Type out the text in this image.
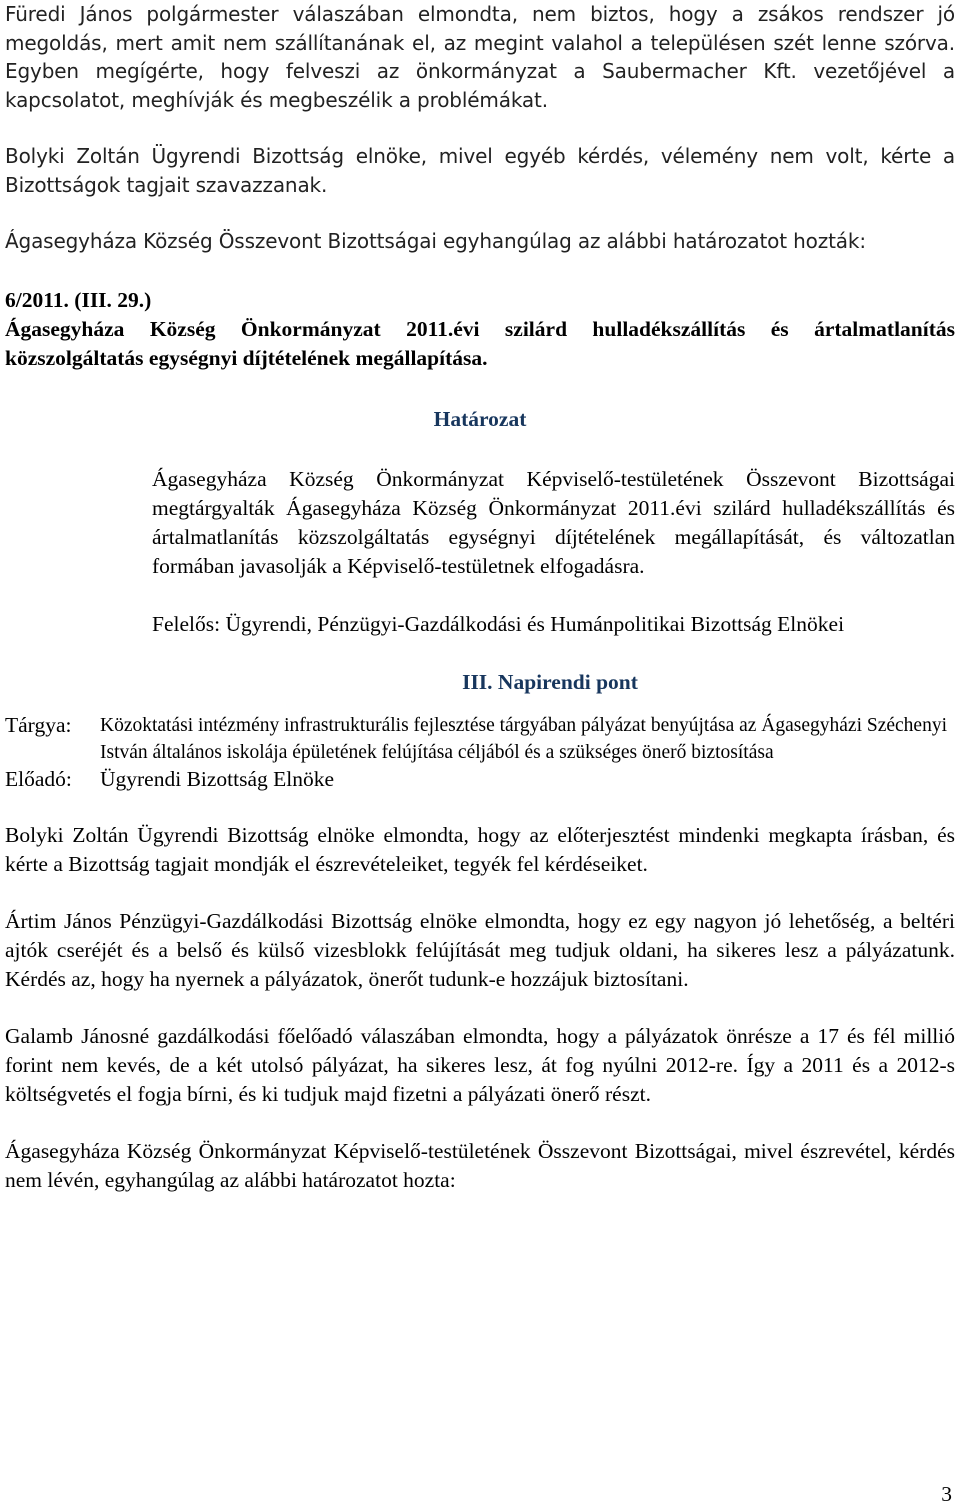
Füredi János polgármester válaszában elmondta, nem biztos, hogy a zsákos rendszer jó megoldás, mert amit nem szállítanának el, az megint valahol a településen szét lenne szórva. Egyben megígérte, hogy felveszi az önkormányzat a Saubermacher Kft. vezetőjével a kapcsolatot, meghívják és megbeszélik a problémákat.
Bolyki Zoltán Ügyrendi Bizottság elnöke, mivel egyéb kérdés, vélemény nem volt, kérte a Bizottságok tagjait szavazzanak.
Ágasegyháza Község Összevont Bizottságai egyhangúlag az alábbi határozatot hozták:
6/2011. (III. 29.)
Ágasegyháza Község Önkormányzat 2011.évi szilárd hulladékszállítás és ártalmatlanítás közszolgáltatás egységnyi díjtételének megállapítása.
Határozat
Ágasegyháza Község Önkormányzat Képviselő-testületének Összevont Bizottságai megtárgyalták Ágasegyháza Község Önkormányzat 2011.évi szilárd hulladékszállítás és ártalmatlanítás közszolgáltatás egységnyi díjtételének megállapítását, és változatlan formában javasolják a Képviselő-testületnek elfogadásra.
Felelős: Ügyrendi, Pénzügyi-Gazdálkodási és Humánpolitikai Bizottság Elnökei
III. Napirendi pont
Tárgya:	Közoktatási intézmény infrastrukturális fejlesztése tárgyában pályázat benyújtása az Ágasegyházi Széchenyi István általános iskolája épületének felújítása céljából és a szükséges önerő biztosítása
Előadó:	Ügyrendi Bizottság Elnöke
Bolyki Zoltán Ügyrendi Bizottság elnöke elmondta, hogy az előterjesztést mindenki megkapta írásban, és kérte a Bizottság tagjait mondják el észrevételeiket, tegyék fel kérdéseiket.
Ártim János Pénzügyi-Gazdálkodási Bizottság elnöke elmondta, hogy ez egy nagyon jó lehetőség, a beltéri ajtók cseréjét és a belső és külső vizesblokk felújítását meg tudjuk oldani, ha sikeres lesz a pályázatunk. Kérdés az, hogy ha nyernek a pályázatok, önerőt tudunk-e hozzájuk biztosítani.
Galamb Jánosné gazdálkodási főelőadó válaszában elmondta, hogy a pályázatok önrésze a 17 és fél millió forint nem kevés, de a két utolsó pályázat, ha sikeres lesz, át fog nyúlni 2012-re. Így a 2011 és a 2012-s költségvetés el fogja bírni, és ki tudjuk majd fizetni a pályázati önerő részt.
Ágasegyháza Község Önkormányzat Képviselő-testületének Összevont Bizottságai, mivel észrevétel, kérdés nem lévén, egyhangúlag az alábbi határozatot hozta:
3
